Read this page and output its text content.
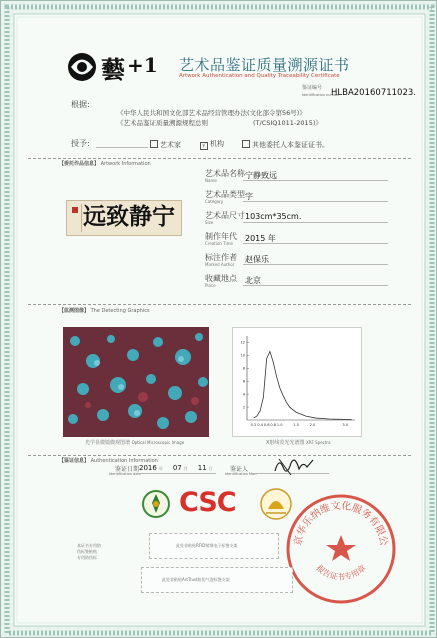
藝 +1 艺术品鉴证质量溯源证书
Artwork Authentication and Quality Traceability Certificate
鉴证编号
Identification number
HLBA20160711023.
根据:
《中华人民共和国文化部艺术品经营管理办法(文化部令第56号)》
《艺术品鉴证质量溯源规程总则	(T/CSIQ1011-2015)》
授予:	艺术家	√ 机构	其他委托人本鉴证证书。
【委托作品信息】 Artwork Information
宁静致远
艺术品名称
Name
宁静致远
艺术品类型
Category
字
艺术品尺寸
Size
103cm*35cm.
制作年代
Creation Time
2015 年
标注作者
Marked Author
赵保乐
收藏地点
Place
北京
【监测图像】 The Detecting Graphics
光学显微镜微观图谱 Optical Microscopic Image
0.2 0.4 0.6 0.8 1.0	1.5	2.0	3.0
2
4
6
8
10
12
X射线荧光光谱图 XRF Spectra
【鉴证信息】 Authentication Information
鉴证日期
Identification date
2016 年 07 月 11 日	鉴证人
Identification Man
CSC
京华乐纳维文化服务有限公
报告证书专用章
本证书专用防
伪标签粘贴
专用防伪标
此处非粘贴RFID射频电子标签支架
此处非粘贴ArtTrust防伪气泡标签支架
